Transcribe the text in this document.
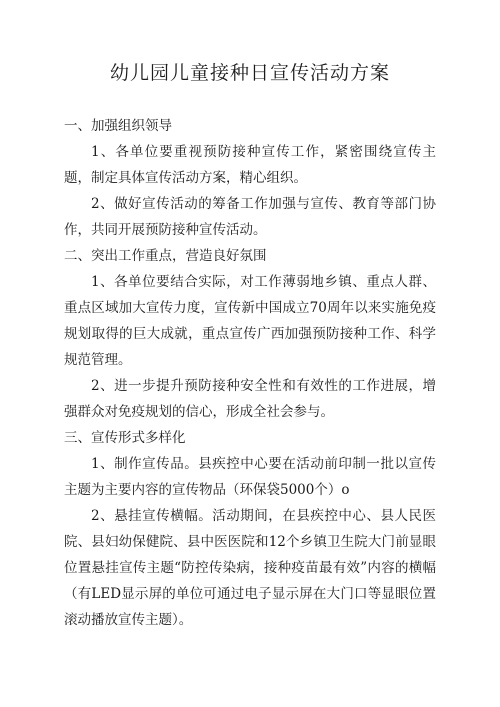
幼儿园儿童接种日宣传活动方案

一、加强组织领导

1、各单位要重视预防接种宣传工作，紧密围绕宣传主题，制定具体宣传活动方案，精心组织。

2、做好宣传活动的筹备工作加强与宣传、教育等部门协作，共同开展预防接种宣传活动。

二、突出工作重点，营造良好氛围

1、各单位要结合实际，对工作薄弱地乡镇、重点人群、重点区域加大宣传力度，宣传新中国成立70周年以来实施免疫规划取得的巨大成就，重点宣传广西加强预防接种工作、科学规范管理。

2、进一步提升预防接种安全性和有效性的工作进展，增强群众对免疫规划的信心，形成全社会参与。

三、宣传形式多样化

1、制作宣传品。县疾控中心要在活动前印制一批以宣传主题为主要内容的宣传物品（环保袋5000个）o

2、悬挂宣传横幅。活动期间，在县疾控中心、县人民医院、县妇幼保健院、县中医医院和12个乡镇卫生院大门前显眼位置悬挂宣传主题“防控传染病，接种疫苗最有效”内容的横幅（有LED显示屏的单位可通过电子显示屏在大门口等显眼位置滚动播放宣传主题）。
